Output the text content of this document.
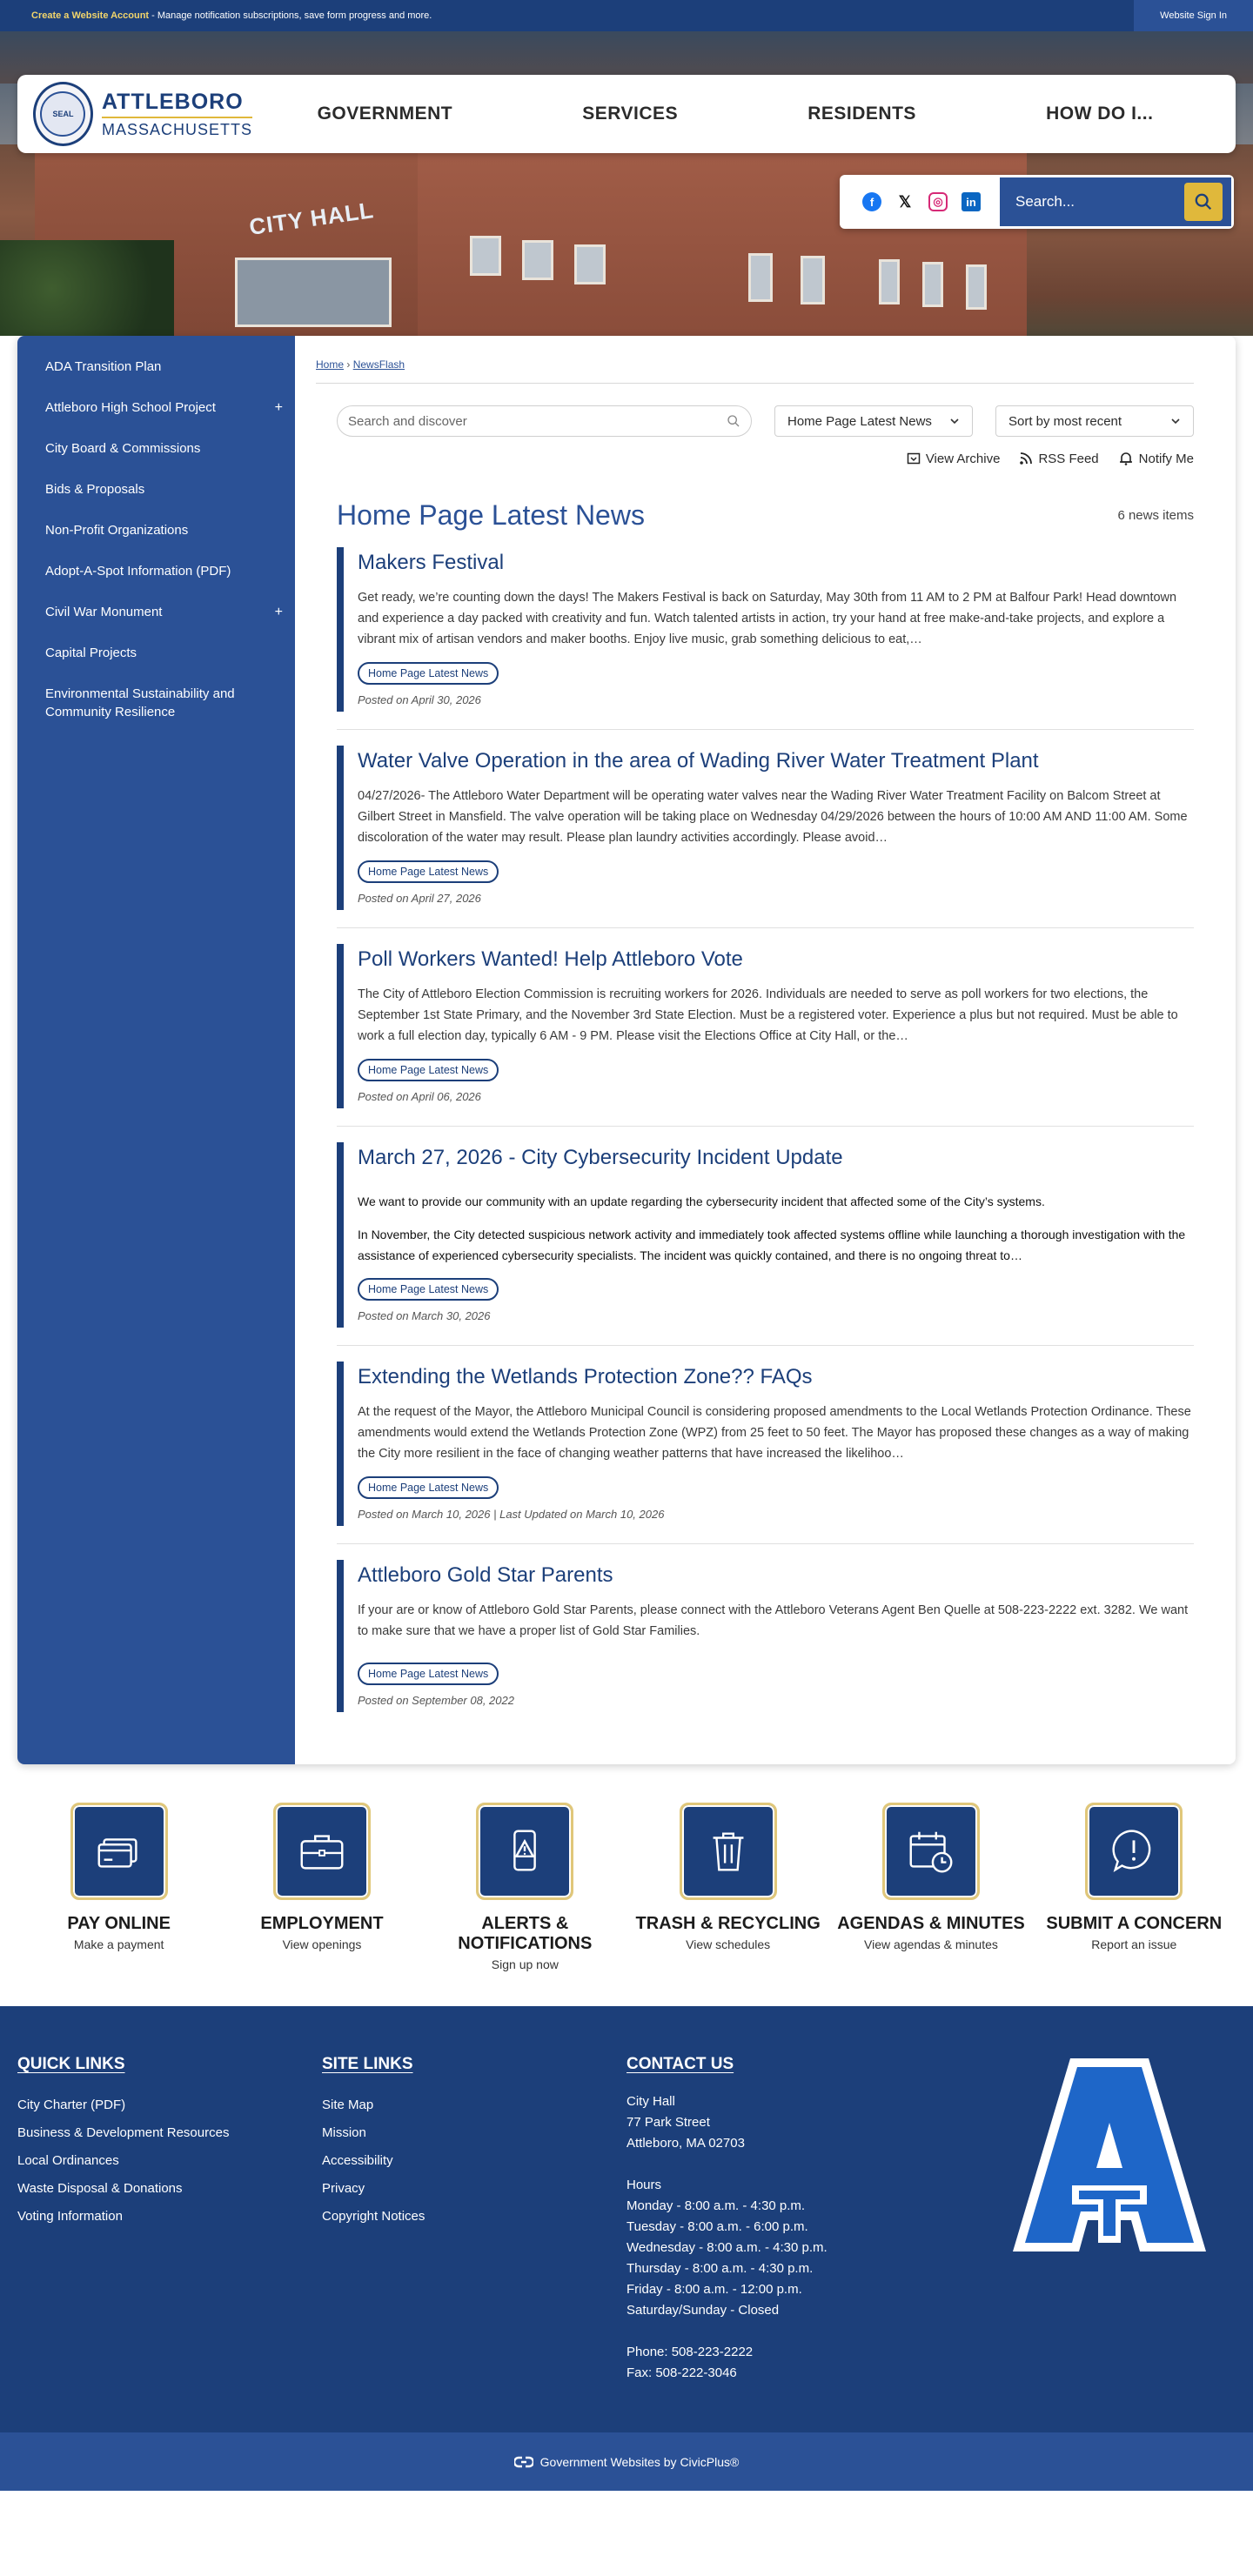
Create a Website Account - Manage notification subscriptions, save form progress and more.	Website Sign In
CITY HALL
SEAL
ATTLEBORO
MASSACHUSETTS
GOVERNMENT	SERVICES	RESIDENTS	HOW DO I...
f	𝕏	◎	in	Search...
ADA Transition Plan
Attleboro High School Project	+
City Board & Commissions
Bids & Proposals
Non-Profit Organizations
Adopt-A-Spot Information (PDF)
Civil War Monument	+
Capital Projects
Environmental Sustainability and Community Resilience
Home › NewsFlash
Search and discover	Home Page Latest News	Sort by most recent
View Archive	RSS Feed	Notify Me
Home Page Latest News	6 news items
Makers Festival

Get ready, we’re counting down the days! The Makers Festival is back on Saturday, May 30th from 11 AM to 2 PM at Balfour Park! Head downtown and experience a day packed with creativity and fun. Watch talented artists in action, try your hand at free make-and-take projects, and explore a vibrant mix of artisan vendors and maker booths. Enjoy live music, grab something delicious to eat,…

Home Page Latest News
Posted on April 30, 2026
Water Valve Operation in the area of Wading River Water Treatment Plant

04/27/2026- The Attleboro Water Department will be operating water valves near the Wading River Water Treatment Facility on Balcom Street at Gilbert Street in Mansfield. The valve operation will be taking place on Wednesday 04/29/2026 between the hours of 10:00 AM AND 11:00 AM. Some discoloration of the water may result. Please plan laundry activities accordingly. Please avoid…

Home Page Latest News
Posted on April 27, 2026
Poll Workers Wanted! Help Attleboro Vote

The City of Attleboro Election Commission is recruiting workers for 2026. Individuals are needed to serve as poll workers for two elections, the September 1st State Primary, and the November 3rd State Election. Must be a registered voter. Experience a plus but not required. Must be able to work a full election day, typically 6 AM - 9 PM. Please visit the Elections Office at City Hall, or the…

Home Page Latest News
Posted on April 06, 2026
March 27, 2026 - City Cybersecurity Incident Update

We want to provide our community with an update regarding the cybersecurity incident that affected some of the City’s systems.

In November, the City detected suspicious network activity and immediately took affected systems offline while launching a thorough investigation with the assistance of experienced cybersecurity specialists. The incident was quickly contained, and there is no ongoing threat to…

Home Page Latest News
Posted on March 30, 2026
Extending the Wetlands Protection Zone?? FAQs

At the request of the Mayor, the Attleboro Municipal Council is considering proposed amendments to the Local Wetlands Protection Ordinance. These amendments would extend the Wetlands Protection Zone (WPZ) from 25 feet to 50 feet. The Mayor has proposed these changes as a way of making the City more resilient in the face of changing weather patterns that have increased the likelihoo…

Home Page Latest News
Posted on March 10, 2026 | Last Updated on March 10, 2026
Attleboro Gold Star Parents

If your are or know of Attleboro Gold Star Parents, please connect with the Attleboro Veterans Agent Ben Quelle at 508-223-2222 ext. 3282. We want to make sure that we have a proper list of Gold Star Families.

Home Page Latest News
Posted on September 08, 2022
PAY ONLINE
Make a payment
EMPLOYMENT
View openings
ALERTS & NOTIFICATIONS
Sign up now
TRASH & RECYCLING
View schedules
AGENDAS & MINUTES
View agendas & minutes
SUBMIT A CONCERN
Report an issue
QUICK LINKS
City Charter (PDF)
Business & Development Resources
Local Ordinances
Waste Disposal & Donations
Voting Information
SITE LINKS
Site Map
Mission
Accessibility
Privacy
Copyright Notices
CONTACT US

City Hall

77 Park Street

Attleboro, MA 02703

Hours

Monday - 8:00 a.m. - 4:30 p.m.

Tuesday - 8:00 a.m. - 6:00 p.m.

Wednesday - 8:00 a.m. - 4:30 p.m.

Thursday - 8:00 a.m. - 4:30 p.m.

Friday - 8:00 a.m. - 12:00 p.m.

Saturday/Sunday - Closed

Phone: 508-223-2222

Fax: 508-222-3046

Government Websites by CivicPlus®
